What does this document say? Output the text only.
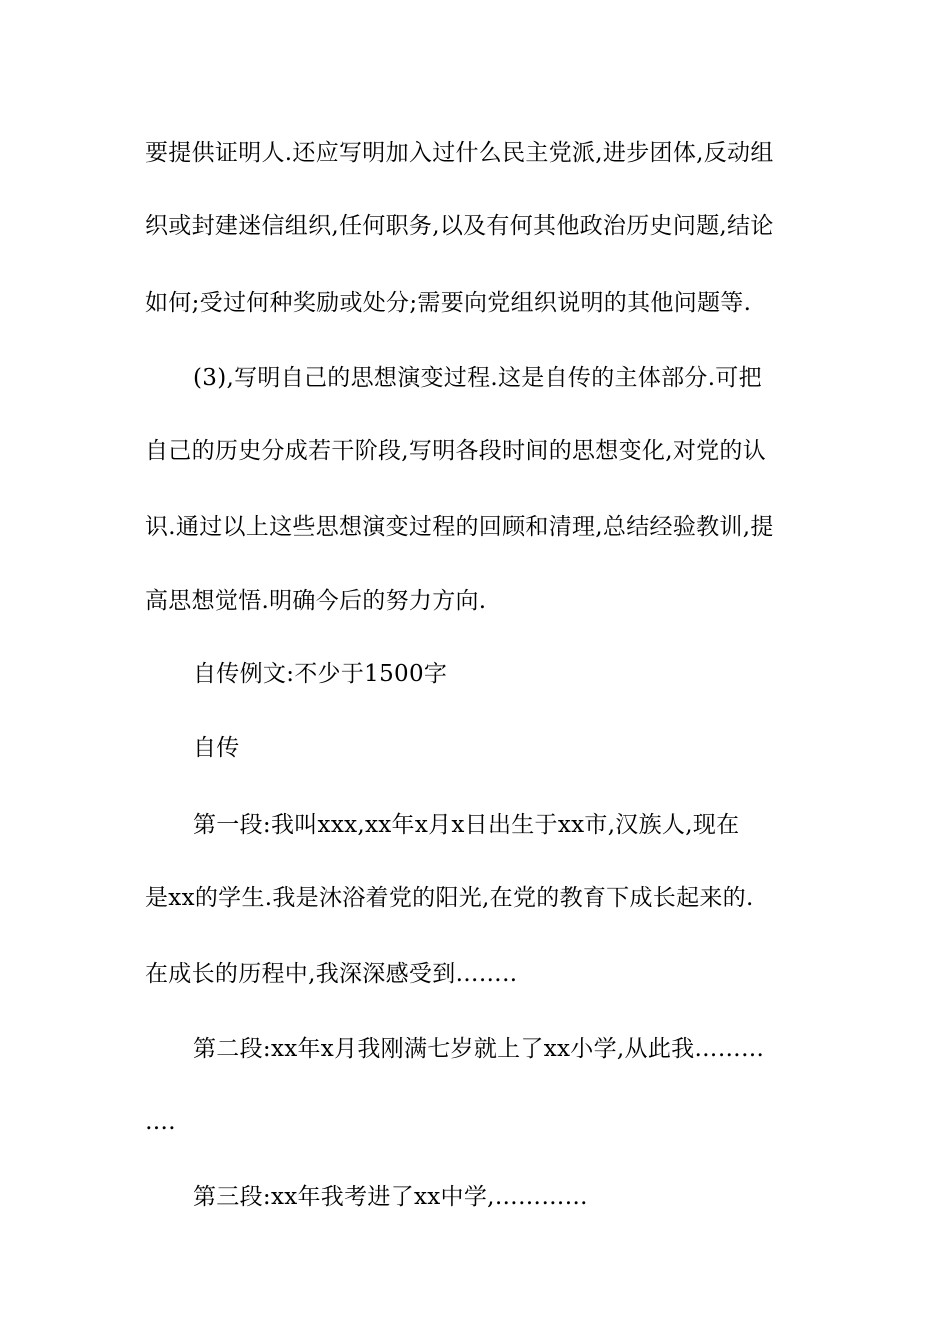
要提供证明人.还应写明加入过什么民主党派,进步团体,反动组
织或封建迷信组织,任何职务,以及有何其他政治历史问题,结论
如何;受过何种奖励或处分;需要向党组织说明的其他问题等.
(3),写明自己的思想演变过程.这是自传的主体部分.可把
自己的历史分成若干阶段,写明各段时间的思想变化,对党的认
识.通过以上这些思想演变过程的回顾和清理,总结经验教训,提
高思想觉悟.明确今后的努力方向.
自传例文:不少于1500字
自传
第一段:我叫xxx,xx年x月x日出生于xx市,汉族人,现在
是xx的学生.我是沐浴着党的阳光,在党的教育下成长起来的.
在成长的历程中,我深深感受到……..
第二段:xx年x月我刚满七岁就上了xx小学,从此我………
….
第三段:xx年我考进了xx中学,…………
